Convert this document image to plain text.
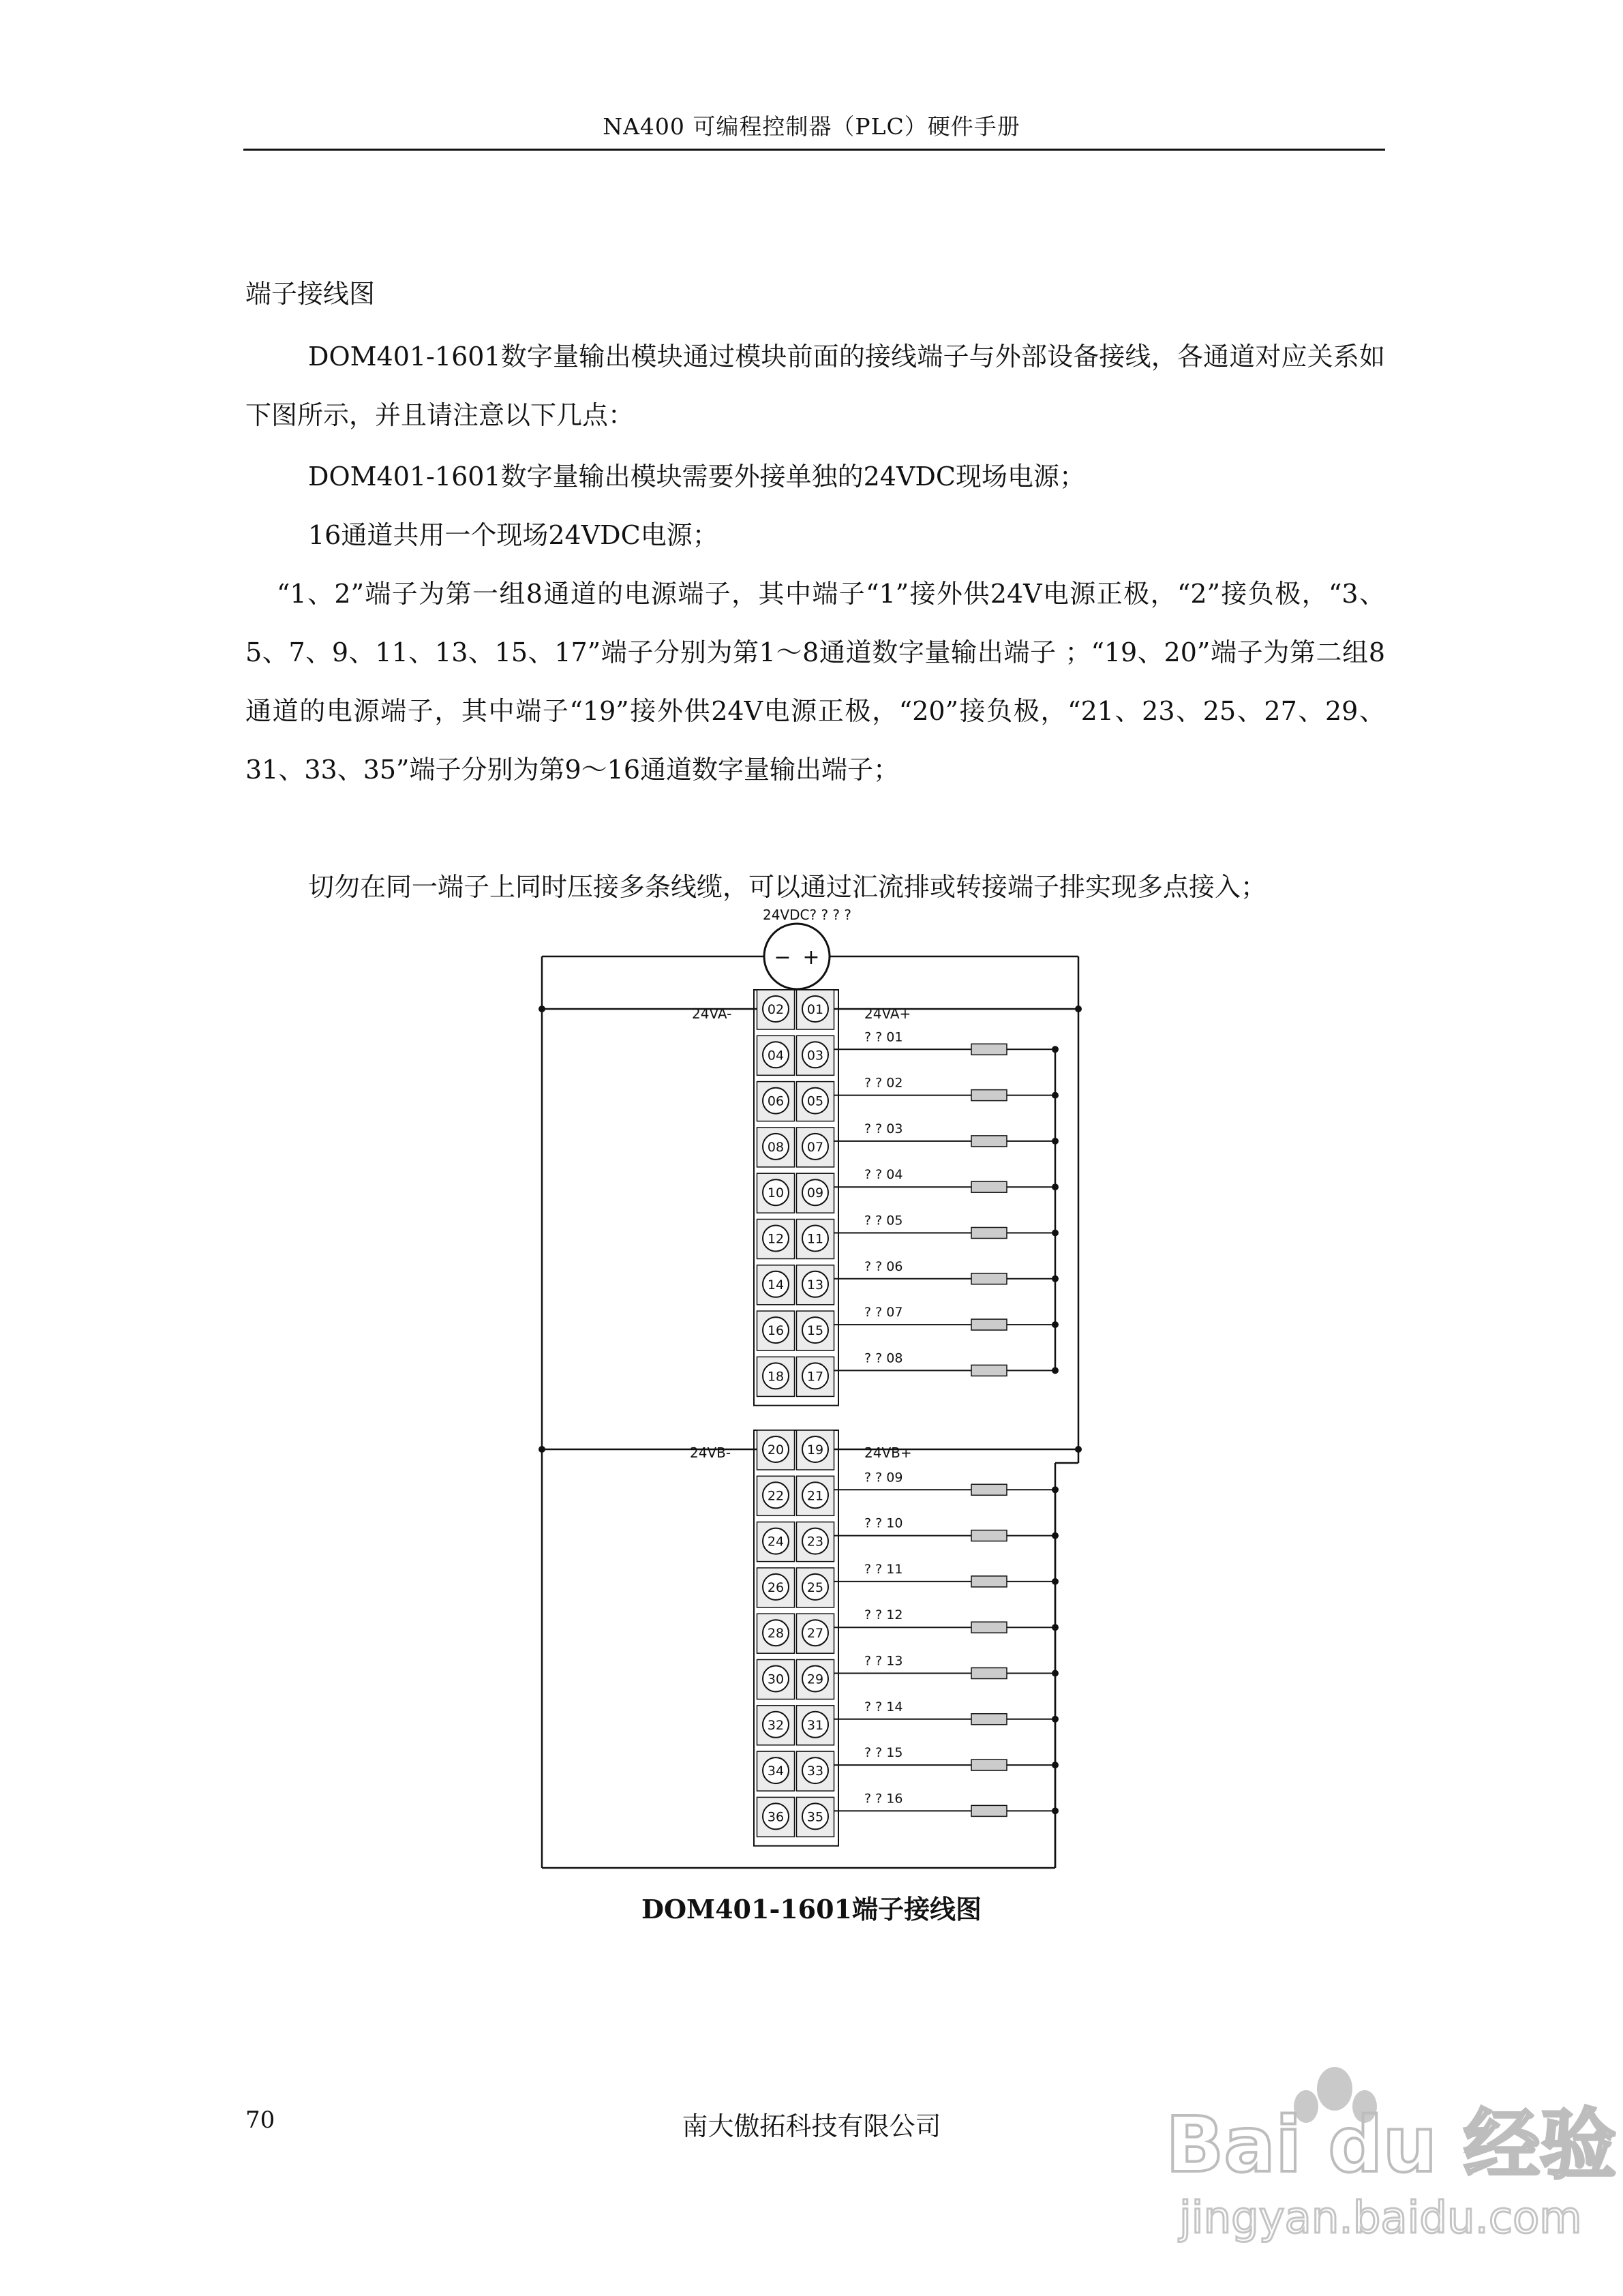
NA400 可编程控制器（PLC）硬件手册
端子接线图

DOM401-1601数字量输出模块通过模块前面的接线端子与外部设备接线，各通道对应关系如下图所示，并且请注意以下几点：

DOM401-1601数字量输出模块需要外接单独的24VDC现场电源；

16通道共用一个现场24VDC电源；

“1、2”端子为第一组8通道的电源端子，其中端子“1”接外供24V电源正极，“2”接负极，“3、5、7、9、11、13、15、17”端子分别为第1～8通道数字量输出端子 ；“19、20”端子为第二组8通道的电源端子，其中端子“19”接外供24V电源正极，“20”接负极，“21、23、25、27、29、31、33、35”端子分别为第9～16通道数字量输出端子；

切勿在同一端子上同时压接多条线缆，可以通过汇流排或转接端子排实现多点接入；

− +
24VDC? ? ? ?
24VA-	24VA+
24VB-	24VB+
02 01
04 03
? ? 01
06 05
? ? 02
08 07
? ? 03
10 09
? ? 04
12 11
? ? 05
14 13
? ? 06
16 15
? ? 07
18 17
? ? 08
20 19
22 21
? ? 09
24 23
? ? 10
26 25
? ? 11
28 27
? ? 12
30 29
? ? 13
32 31
? ? 14
34 33
? ? 15
36 35
? ? 16
DOM401-1601端子接线图
70	南大傲拓科技有限公司	Bai du 经验
jingyan.baidu.com
